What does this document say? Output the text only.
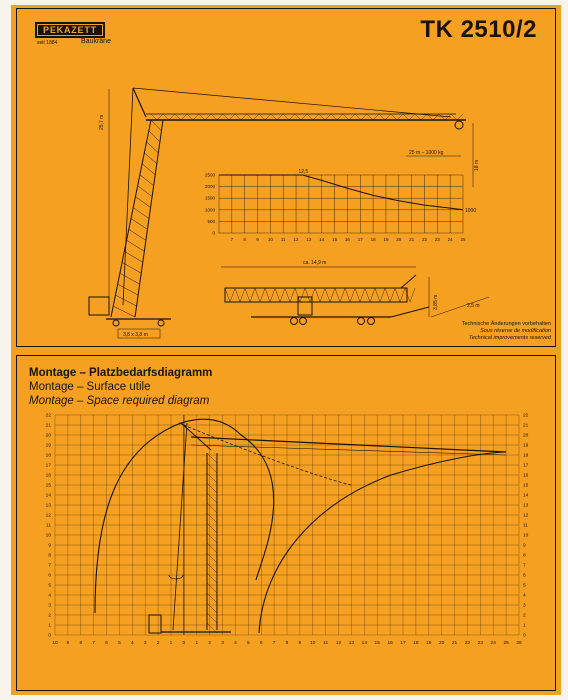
PEKAZETT
seit 1884	Baukräne	TK 2510/2
25,7 m
25 m – 1000 kg
18 m
3,8 x 3,8 m
2500
2000
1500
1000
500
0
7 8 9 10 11 12 13 14 15 16 17 18 19 20 21 22 23 24 25
12,5
1000
ca. 14,9 m
3,85 m	2,5 m
Technische Änderungen vorbehalten
Sous réserve de modification
Technical improvements reserved
Montage – Platzbedarfsdiagramm
Montage – Surface utile
Montage – Space required diagram
22
21
20
19
18
17
16
15
14
13
12
11
10
9
8
7
6
5
4
3
2
1
0
22
21
20
19
18
17
16
15
14
13
12
11
10
9
8
7
6
5
4
3
2
1
0
10 9 8 7 6 5 4 3 2 1 0 1 2 3 4 5 6 7 8 9 10 11 12 13 14 15 16 17 18 19 20 21 22 23 24 25 26
